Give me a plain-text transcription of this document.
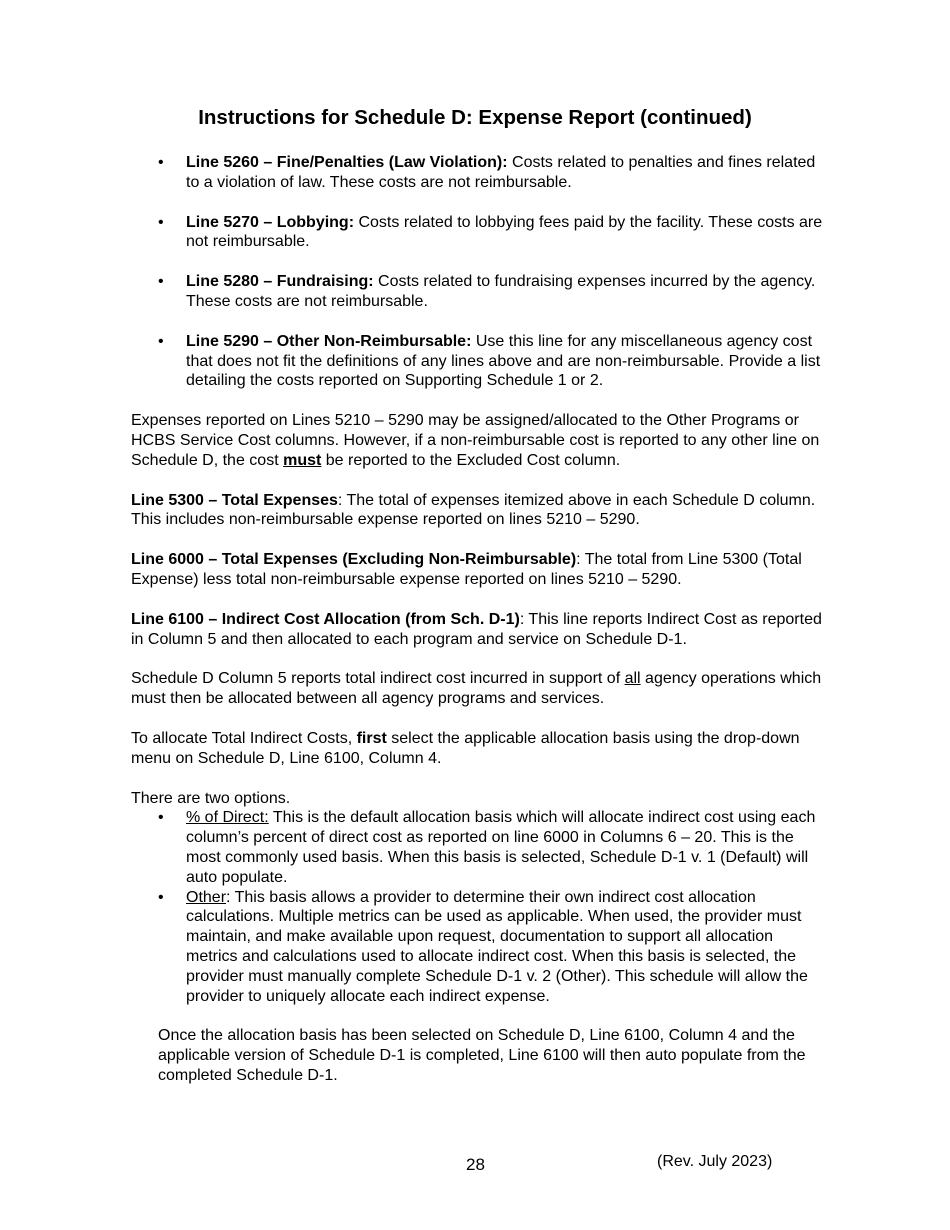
Instructions for Schedule D: Expense Report (continued)
• Line 5260 – Fine/Penalties (Law Violation): Costs related to penalties and fines related to a violation of law. These costs are not reimbursable.
• Line 5270 – Lobbying: Costs related to lobbying fees paid by the facility. These costs are not reimbursable.
• Line 5280 – Fundraising: Costs related to fundraising expenses incurred by the agency. These costs are not reimbursable.
• Line 5290 – Other Non-Reimbursable: Use this line for any miscellaneous agency cost that does not fit the definitions of any lines above and are non-reimbursable. Provide a list detailing the costs reported on Supporting Schedule 1 or 2.

Expenses reported on Lines 5210 – 5290 may be assigned/allocated to the Other Programs or HCBS Service Cost columns. However, if a non-reimbursable cost is reported to any other line on Schedule D, the cost must be reported to the Excluded Cost column.

Line 5300 – Total Expenses: The total of expenses itemized above in each Schedule D column. This includes non-reimbursable expense reported on lines 5210 – 5290.

Line 6000 – Total Expenses (Excluding Non-Reimbursable): The total from Line 5300 (Total Expense) less total non-reimbursable expense reported on lines 5210 – 5290.

Line 6100 – Indirect Cost Allocation (from Sch. D-1): This line reports Indirect Cost as reported in Column 5 and then allocated to each program and service on Schedule D-1.

Schedule D Column 5 reports total indirect cost incurred in support of all agency operations which must then be allocated between all agency programs and services.

To allocate Total Indirect Costs, first select the applicable allocation basis using the drop-down menu on Schedule D, Line 6100, Column 4.

There are two options.
• % of Direct: This is the default allocation basis which will allocate indirect cost using each column’s percent of direct cost as reported on line 6000 in Columns 6 – 20. This is the most commonly used basis. When this basis is selected, Schedule D-1 v. 1 (Default) will auto populate.
• Other: This basis allows a provider to determine their own indirect cost allocation calculations. Multiple metrics can be used as applicable. When used, the provider must maintain, and make available upon request, documentation to support all allocation metrics and calculations used to allocate indirect cost. When this basis is selected, the provider must manually complete Schedule D-1 v. 2 (Other). This schedule will allow the provider to uniquely allocate each indirect expense.

Once the allocation basis has been selected on Schedule D, Line 6100, Column 4 and the applicable version of Schedule D-1 is completed, Line 6100 will then auto populate from the completed Schedule D-1.

28	(Rev. July 2023)
